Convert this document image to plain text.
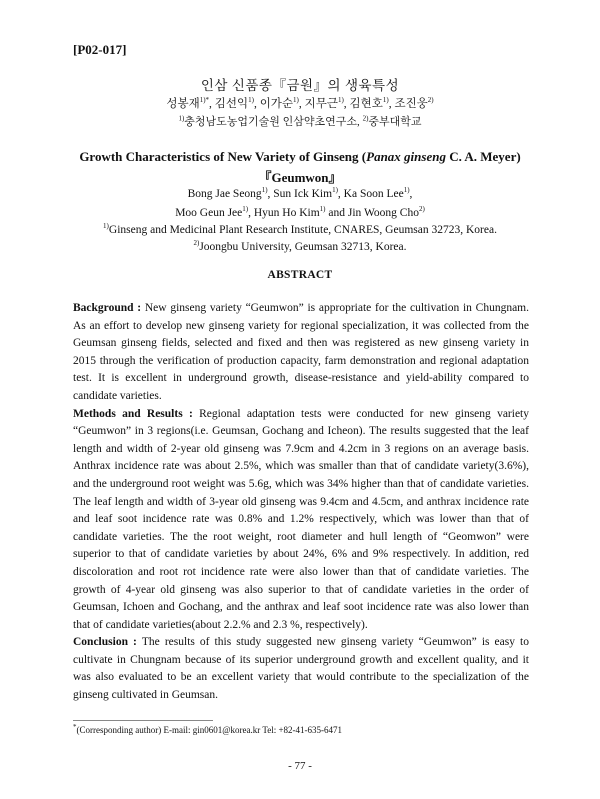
[P02-017]
인삼 신품종『금원』의 생육특성
성봉재$^{1)*}$, 김선익$^{1)}$, 이가순$^{1)}$, 지무근$^{1)}$, 김현호$^{1)}$, 조진웅$^{2)}$
$^{1)}$충청남도농업기술원 인삼약초연구소, $^{2)}$중부대학교
Growth Characteristics of New Variety of Ginseng (Panax ginseng C. A. Meyer)
『Geumwon』
Bong Jae Seong$^{1)}$, Sun Ick Kim$^{1)}$, Ka Soon Lee$^{1)}$,
Moo Geun Jee$^{1)}$, Hyun Ho Kim$^{1)}$ and Jin Woong Cho$^{2)}$
$^{1)}$Ginseng and Medicinal Plant Research Institute, CNARES, Geumsan 32723, Korea.
$^{2)}$Joongbu University, Geumsan 32713, Korea.
ABSTRACT

Background : New ginseng variety “Geumwon” is appropriate for the cultivation in Chungnam. As an effort to develop new ginseng variety for regional specialization, it was collected from the Geumsan ginseng fields, selected and fixed and then was registered as new ginseng variety in 2015 through the verification of production capacity, farm demonstration and regional adaptation test. It is excellent in underground growth, disease-resistance and yield-ability compared to candidate varieties.

Methods and Results : Regional adaptation tests were conducted for new ginseng variety “Geumwon” in 3 regions(i.e. Geumsan, Gochang and Icheon). The results suggested that the leaf length and width of 2-year old ginseng was 7.9cm and 4.2cm in 3 regions on an average basis. Anthrax incidence rate was about 2.5%, which was smaller than that of candidate variety(3.6%), and the underground root weight was 5.6g, which was 34% higher than that of candidate varieties. The leaf length and width of 3-year old ginseng was 9.4cm and 4.5cm, and anthrax incidence rate and leaf soot incidence rate was 0.8% and 1.2% respectively, which was lower than that of candidate varieties. The the root weight, root diameter and hull length of “Geomwon” were superior to that of candidate varieties by about 24%, 6% and 9% respectively. In addition, red discoloration and root rot incidence rate were also lower than that of candidate varieties. The growth of 4-year old ginseng was also superior to that of candidate varieties in the order of Geumsan, Ichoen and Gochang, and the anthrax and leaf soot incidence rate was also lower than that of candidate varieties(about 2.2.% and 2.3 %, respectively).

Conclusion : The results of this study suggested new ginseng variety “Geumwon” is easy to cultivate in Chungnam because of its superior underground growth and excellent quality, and it was also evaluated to be an excellent variety that would contribute to the specialization of the ginseng cultivated in Geumsan.

*(Corresponding author) E-mail: gin0601@korea.kr Tel: +82-41-635-6471
- 77 -
